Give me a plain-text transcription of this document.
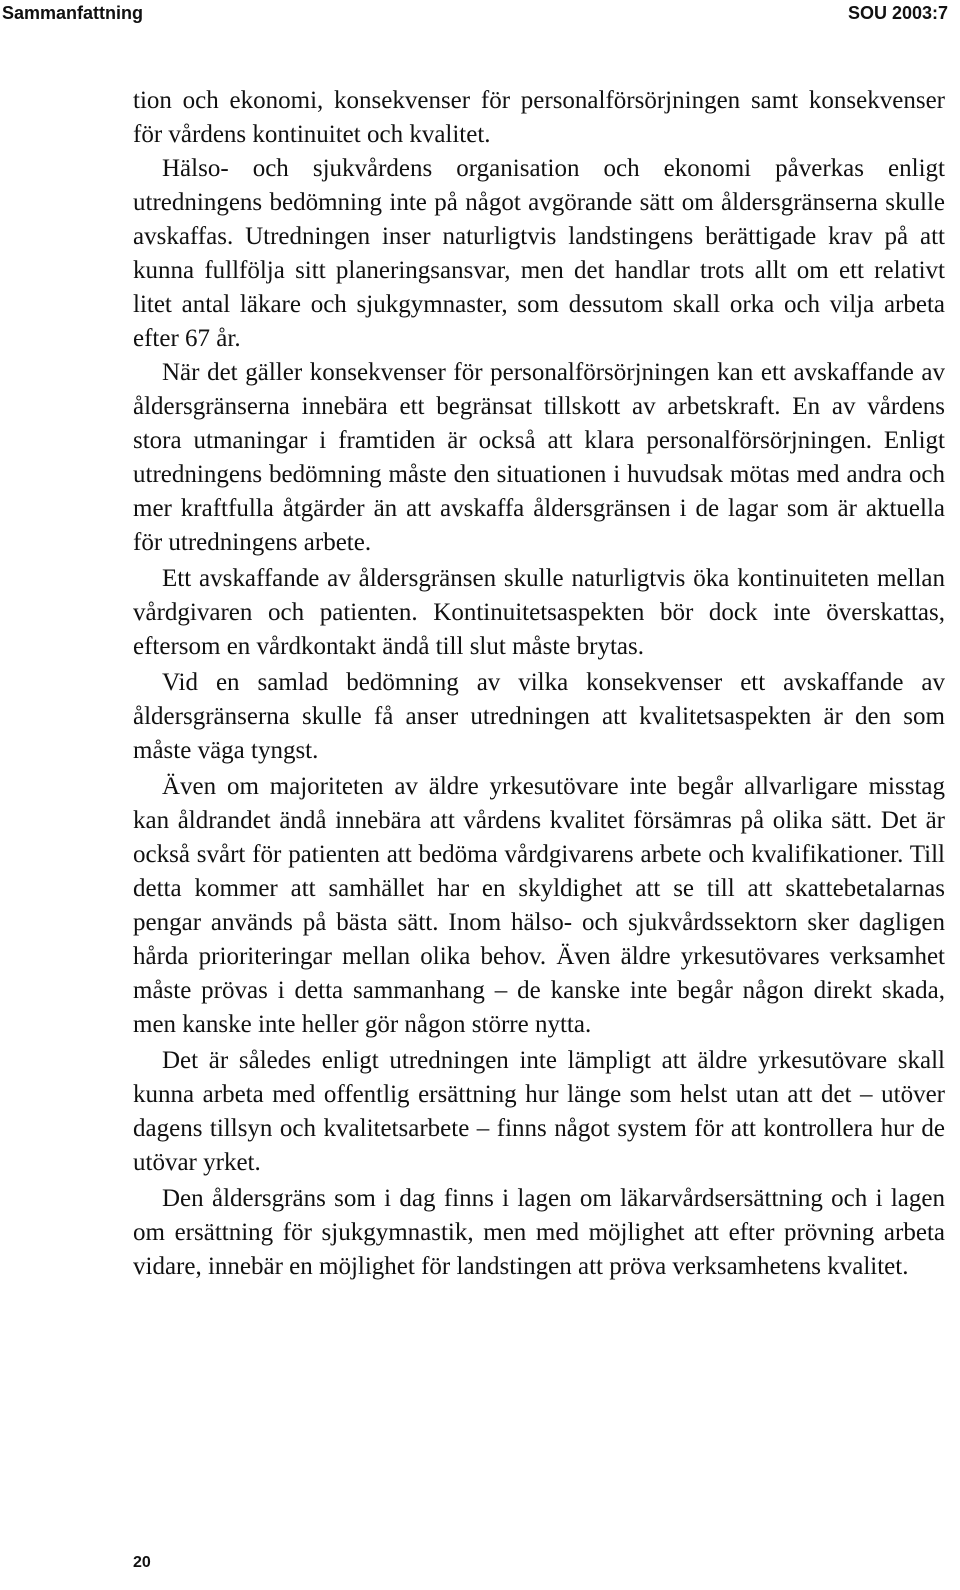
Sammanfattning	SOU 2003:7

tion och ekonomi, konsekvenser för personalförsörjningen samt konsekvenser för vårdens kontinuitet och kvalitet.

Hälso- och sjukvårdens organisation och ekonomi påverkas enligt utredningens bedömning inte på något avgörande sätt om åldersgränserna skulle avskaffas. Utredningen inser naturligtvis landstingens berättigade krav på att kunna fullfölja sitt planeringsansvar, men det handlar trots allt om ett relativt litet antal läkare och sjukgymnaster, som dessutom skall orka och vilja arbeta efter 67 år.

När det gäller konsekvenser för personalförsörjningen kan ett avskaffande av åldersgränserna innebära ett begränsat tillskott av arbetskraft. En av vårdens stora utmaningar i framtiden är också att klara personalförsörjningen. Enligt utredningens bedömning måste den situationen i huvudsak mötas med andra och mer kraftfulla åtgärder än att avskaffa åldersgränsen i de lagar som är aktuella för utredningens arbete.

Ett avskaffande av åldersgränsen skulle naturligtvis öka kontinuiteten mellan vårdgivaren och patienten. Kontinuitetsaspekten bör dock inte överskattas, eftersom en vårdkontakt ändå till slut måste brytas.

Vid en samlad bedömning av vilka konsekvenser ett avskaffande av åldersgränserna skulle få anser utredningen att kvalitetsaspekten är den som måste väga tyngst.

Även om majoriteten av äldre yrkesutövare inte begår allvarligare misstag kan åldrandet ändå innebära att vårdens kvalitet försämras på olika sätt. Det är också svårt för patienten att bedöma vårdgivarens arbete och kvalifikationer. Till detta kommer att samhället har en skyldighet att se till att skattebetalarnas pengar används på bästa sätt. Inom hälso- och sjukvårdssektorn sker dagligen hårda prioriteringar mellan olika behov. Även äldre yrkesutövares verksamhet måste prövas i detta sammanhang – de kanske inte begår någon direkt skada, men kanske inte heller gör någon större nytta.

Det är således enligt utredningen inte lämpligt att äldre yrkesutövare skall kunna arbeta med offentlig ersättning hur länge som helst utan att det – utöver dagens tillsyn och kvalitetsarbete – finns något system för att kontrollera hur de utövar yrket.

Den åldersgräns som i dag finns i lagen om läkarvårdsersättning och i lagen om ersättning för sjukgymnastik, men med möjlighet att efter prövning arbeta vidare, innebär en möjlighet för landstingen att pröva verksamhetens kvalitet.

20
